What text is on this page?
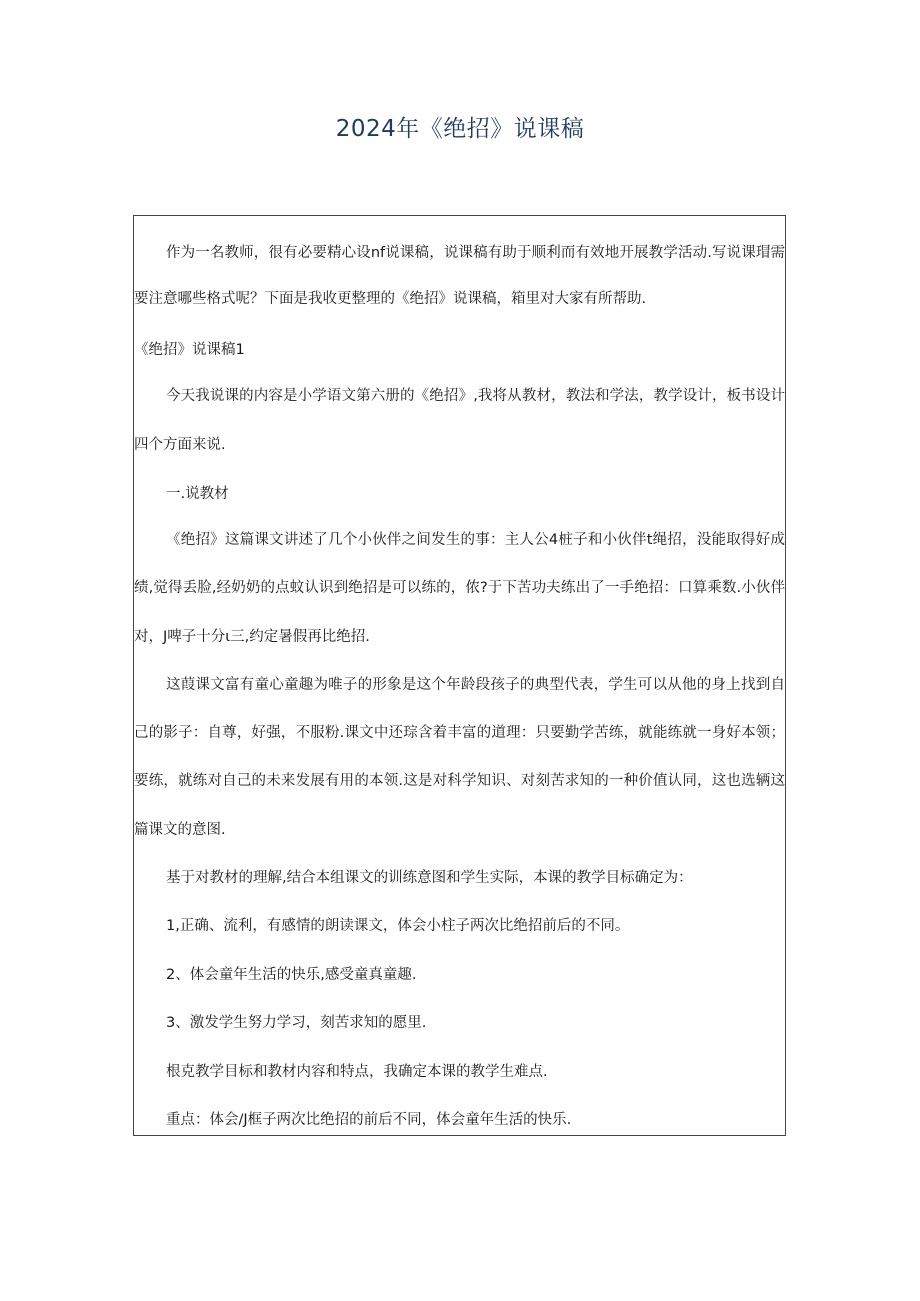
2024年《绝招》说课稿
作为一名教师，很有必要精心设nf说课稿，说课稿有助于顺利而有效地开展教学活动.写说课瑁需
要注意哪些格式呢？下面是我收更整理的《绝招》说课稿，箱里对大家有所帮助.
《绝招》说课稿1
今天我说课的内容是小学语文第六册的《绝招》,我将从教材，教法和学法，教学设计，板书设计
四个方面来说.
一.说教材
《绝招》这篇课文讲述了几个小伙伴之间发生的事：主人公4桩子和小伙伴t绳招，没能取得好成
绩,觉得丢脸,经奶奶的点蚊认识到绝招是可以练的，侬?于下苦功夫练出了一手绝招：口算乘数.小伙伴
对，J啤子十分ι三,约定暑假再比绝招.
这葭课文富有童心童趣为唯子的形象是这个年龄段孩子的典型代表，学生可以从他的身上找到自
己的影子：自尊，好强，不服粉.课文中还琮含着丰富的道理：只要勤学苦练，就能练就一身好本领；
要练，就练对自己的未来发展有用的本领.这是对科学知识、对刻苦求知的一种价值认同，这也选辆这
篇课文的意图.
基于对教材的理解,结合本组课文的训练意图和学生实际，本课的教学目标确定为：
1,正确、流利，有感情的朗读课文，体会小柱子两次比绝招前后的不同。
2、体会童年生活的快乐,感受童真童趣.
3、激发学生努力学习，刻苦求知的愿里.
根克教学目标和教材内容和特点，我确定本课的教学生难点.
重点：体会/J框子两次比绝招的前后不同，体会童年生活的快乐.
